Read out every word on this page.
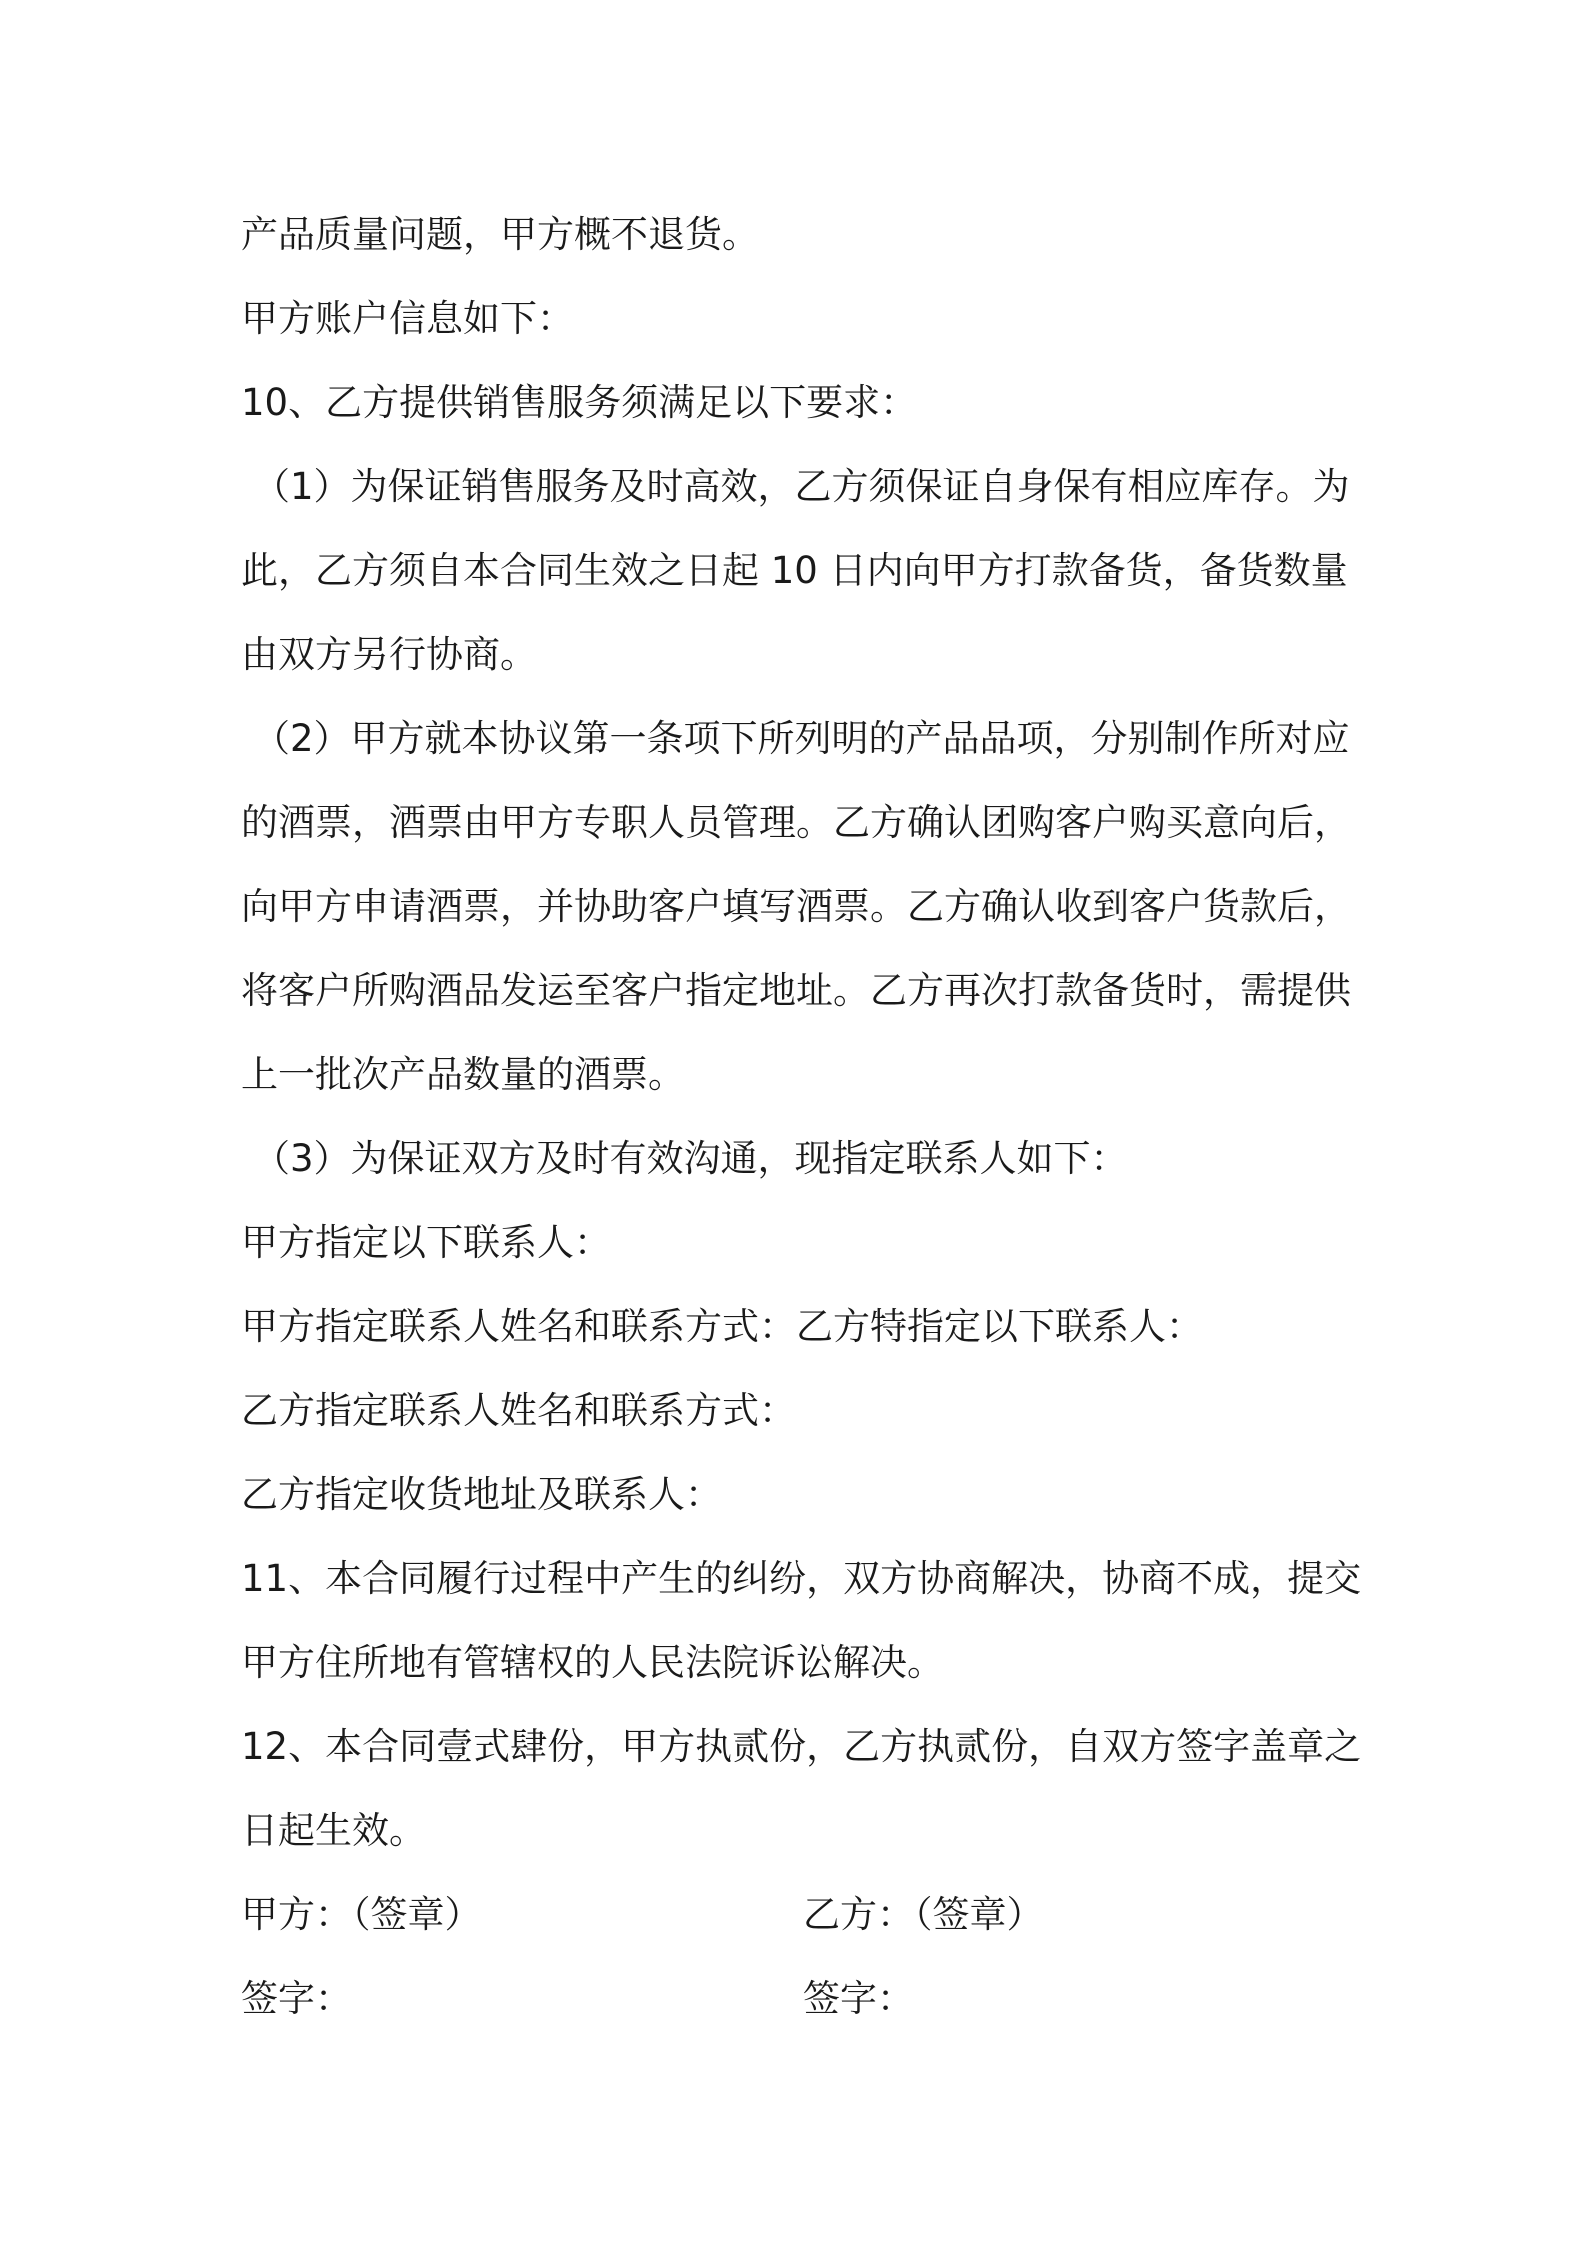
产品质量问题，甲方概不退货。

甲方账户信息如下：

10、乙方提供销售服务须满足以下要求：

（1）为保证销售服务及时高效，乙方须保证自身保有相应库存。为

此，乙方须自本合同生效之日起 10 日内向甲方打款备货，备货数量

由双方另行协商。

（2）甲方就本协议第一条项下所列明的产品品项，分别制作所对应

的酒票，酒票由甲方专职人员管理。乙方确认团购客户购买意向后，

向甲方申请酒票，并协助客户填写酒票。乙方确认收到客户货款后，

将客户所购酒品发运至客户指定地址。乙方再次打款备货时，需提供

上一批次产品数量的酒票。

（3）为保证双方及时有效沟通，现指定联系人如下：

甲方指定以下联系人：

甲方指定联系人姓名和联系方式：乙方特指定以下联系人：

乙方指定联系人姓名和联系方式：

乙方指定收货地址及联系人：

11、本合同履行过程中产生的纠纷，双方协商解决，协商不成，提交

甲方住所地有管辖权的人民法院诉讼解决。

12、本合同壹式肆份，甲方执贰份，乙方执贰份，自双方签字盖章之

日起生效。

甲方：（签章）	乙方：（签章）
签字：	签字：
